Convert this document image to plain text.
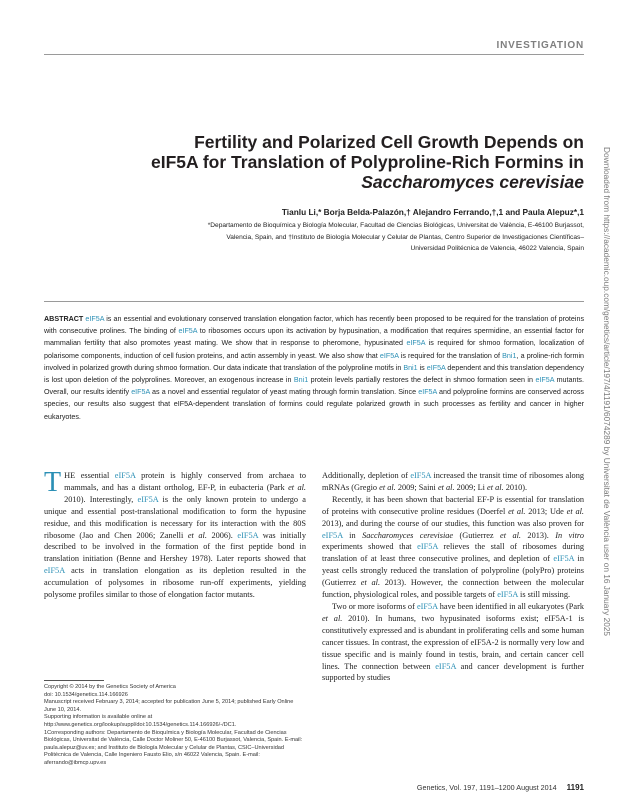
INVESTIGATION
Fertility and Polarized Cell Growth Depends on
eIF5A for Translation of Polyproline-Rich Formins in
Saccharomyces cerevisiae
Tianlu Li,* Borja Belda-Palazón,† Alejandro Ferrando,†,1 and Paula Alepuz*,1
*Departamento de Bioquímica y Biología Molecular, Facultad de Ciencias Biológicas, Universitat de València, E-46100 Burjassot,
Valencia, Spain, and †Instituto de Biología Molecular y Celular de Plantas, Centro Superior de Investigaciones Científicas–
Universidad Politécnica de Valencia, 46022 Valencia, Spain
ABSTRACT eIF5A is an essential and evolutionary conserved translation elongation factor, which has recently been proposed to be required for the translation of proteins with consecutive prolines. The binding of eIF5A to ribosomes occurs upon its activation by hypusination, a modification that requires spermidine, an essential factor for mammalian fertility that also promotes yeast mating. We show that in response to pheromone, hypusinated eIF5A is required for shmoo formation, localization of polarisome components, induction of cell fusion proteins, and actin assembly in yeast. We also show that eIF5A is required for the translation of Bni1, a proline-rich formin involved in polarized growth during shmoo formation. Our data indicate that translation of the polyproline motifs in Bni1 is eIF5A dependent and this translation dependency is lost upon deletion of the polyprolines. Moreover, an exogenous increase in Bni1 protein levels partially restores the defect in shmoo formation seen in eIF5A mutants. Overall, our results identify eIF5A as a novel and essential regulator of yeast mating through formin translation. Since eIF5A and polyproline formins are conserved across species, our results also suggest that eIF5A-dependent translation of formins could regulate polarized growth in such processes as fertility and cancer in higher eukaryotes.
T HE essential eIF5A protein is highly conserved from archaea to mammals, and has a distant ortholog, EF-P, in eubacteria (Park et al. 2010). Interestingly, eIF5A is the only known protein to undergo a unique and essential post-translational modification to form the hypusine residue, and this modification is necessary for its interaction with the 80S ribosome (Jao and Chen 2006; Zanelli et al. 2006). eIF5A was initially described to be involved in the formation of the first peptide bond in translation initiation (Benne and Hershey 1978). Later reports showed that eIF5A acts in translation elongation as its depletion resulted in the accumulation of polysomes in ribosome run-off experiments, yielding polysome profiles similar to those of elongation factor mutants.

Additionally, depletion of eIF5A increased the transit time of ribosomes along mRNAs (Gregio et al. 2009; Saini et al. 2009; Li et al. 2010).

Recently, it has been shown that bacterial EF-P is essential for translation of proteins with consecutive proline residues (Doerfel et al. 2013; Ude et al. 2013), and during the course of our studies, this function was also proven for eIF5A in Saccharomyces cerevisiae (Gutierrez et al. 2013). In vitro experiments showed that eIF5A relieves the stall of ribosomes during translation of at least three consecutive prolines, and depletion of eIF5A in yeast cells strongly reduced the translation of polyproline (polyPro) proteins (Gutierrez et al. 2013). However, the connection between the molecular function, physiological roles, and possible targets of eIF5A is still missing.

Two or more isoforms of eIF5A have been identified in all eukaryotes (Park et al. 2010). In humans, two hypusinated isoforms exist; eIF5A-1 is constitutively expressed and is abundant in proliferating cells and some human cancer tissues. In contrast, the expression of eIF5A-2 is normally very low and tissue specific and is mainly found in testis, brain, and certain cancer cell lines. The connection between eIF5A and cancer development is further supported by studies

Copyright © 2014 by the Genetics Society of America
doi: 10.1534/genetics.114.166926
Manuscript received February 3, 2014; accepted for publication June 5, 2014; published Early Online June 10, 2014.
Supporting information is available online at http://www.genetics.org/lookup/suppl/doi:10.1534/genetics.114.166926/-/DC1.
1Corresponding authors: Departamento de Bioquímica y Biología Molecular, Facultad de Ciencias Biológicas, Universitat de València, Calle Doctor Moliner 50, E-46100 Burjassot, Valencia, Spain. E-mail: paula.alepuz@uv.es; and Instituto de Biología Molecular y Celular de Plantas, CSIC–Universidad Politécnica de Valencia, Calle Ingeniero Fausto Elio, s/n 46022 Valencia, Spain. E-mail: aferrando@ibmcp.upv.es
Genetics, Vol. 197, 1191–1200 August 2014 1191
Downloaded from https://academic.oup.com/genetics/article/197/4/1191/6074289 by Universitat de València user on 16 January 2025
